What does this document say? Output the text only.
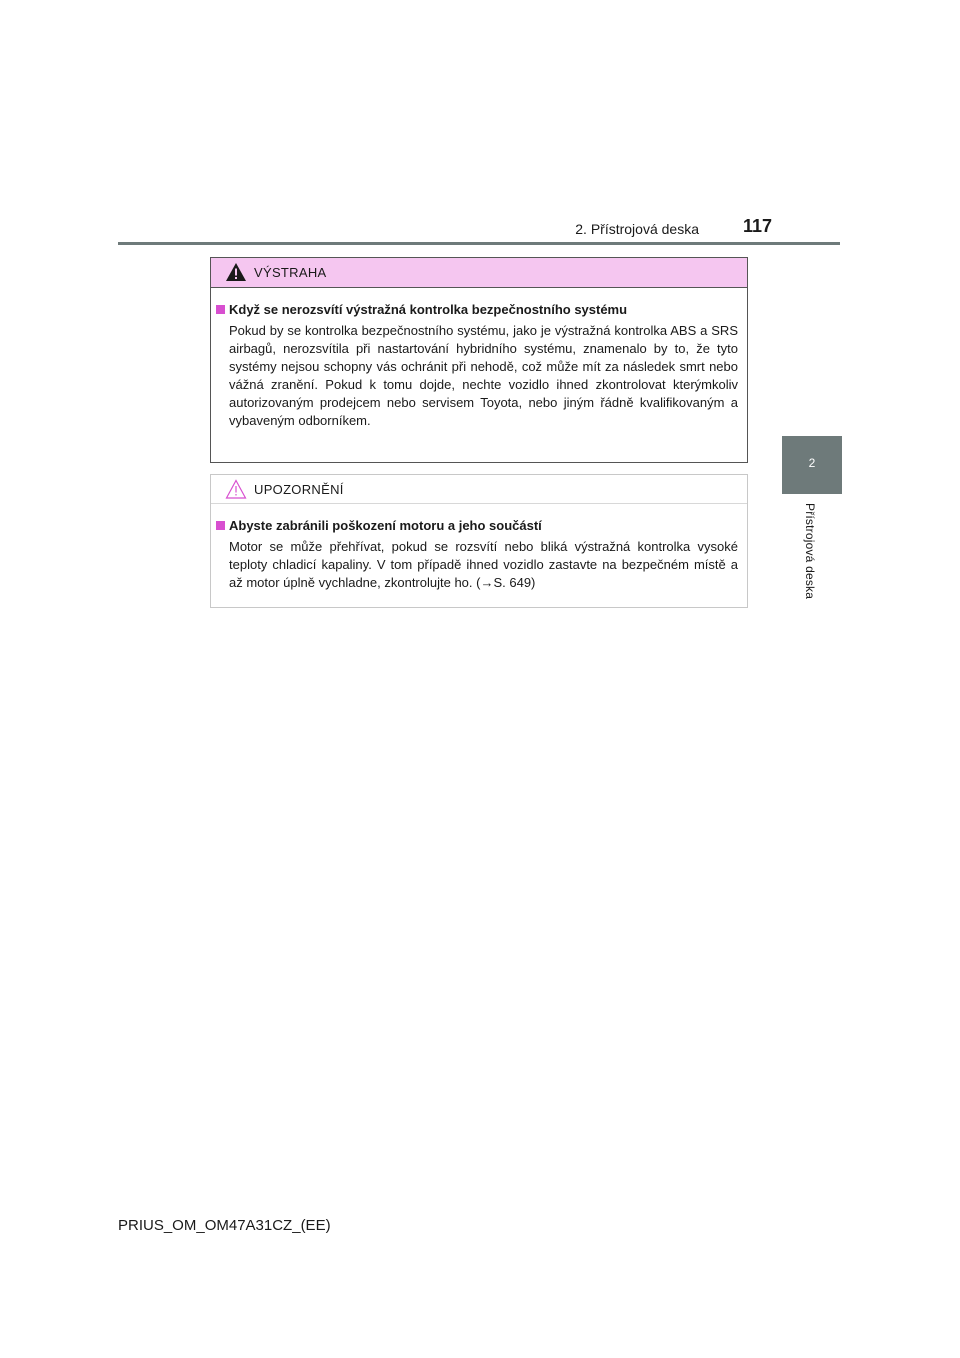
2. Přístrojová deska 117
2
Přístrojová deska
VÝSTRAHA
Když se nerozsvítí výstražná kontrolka bezpečnostního systému
Pokud by se kontrolka bezpečnostního systému, jako je výstražná kontrolka ABS a SRS airbagů, nerozsvítila při nastartování hybridního systému, znamenalo by to, že tyto systémy nejsou schopny vás ochránit při nehodě, což může mít za následek smrt nebo vážná zranění. Pokud k tomu dojde, nechte vozidlo ihned zkontrolovat kterýmkoliv autorizovaným prodejcem nebo servisem Toyota, nebo jiným řádně kvalifikovaným a vybaveným odborníkem.
UPOZORNĚNÍ
Abyste zabránili poškození motoru a jeho součástí
Motor se může přehřívat, pokud se rozsvítí nebo bliká výstražná kontrolka vysoké teploty chladicí kapaliny. V tom případě ihned vozidlo zastavte na bezpečném místě a až motor úplně vychladne, zkontrolujte ho. (→S. 649)
PRIUS_OM_OM47A31CZ_(EE)
